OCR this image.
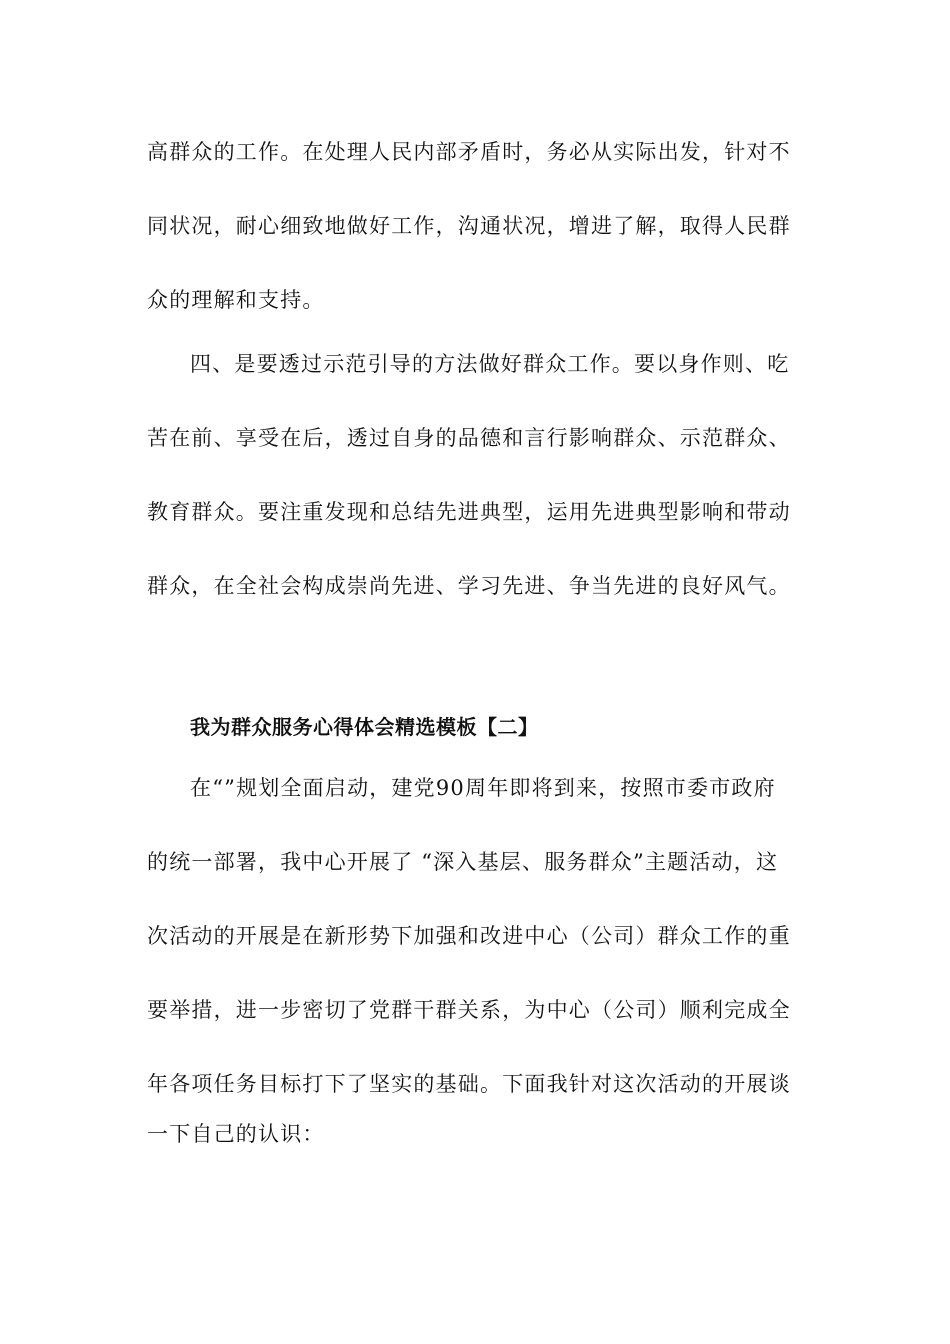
高群众的工作。在处理人民内部矛盾时，务必从实际出发，针对不
同状况，耐心细致地做好工作，沟通状况，增进了解，取得人民群
众的理解和支持。
四、是要透过示范引导的方法做好群众工作。要以身作则、吃
苦在前、享受在后，透过自身的品德和言行影响群众、示范群众、
教育群众。要注重发现和总结先进典型，运用先进典型影响和带动
群众，在全社会构成崇尚先进、学习先进、争当先进的良好风气。
我为群众服务心得体会精选模板【二】
在“”规划全面启动，建党90周年即将到来，按照市委市政府
的统一部署，我中心开展了 “深入基层、服务群众”主题活动，这
次活动的开展是在新形势下加强和改进中心（公司）群众工作的重
要举措，进一步密切了党群干群关系，为中心（公司）顺利完成全
年各项任务目标打下了坚实的基础。下面我针对这次活动的开展谈
一下自己的认识：
